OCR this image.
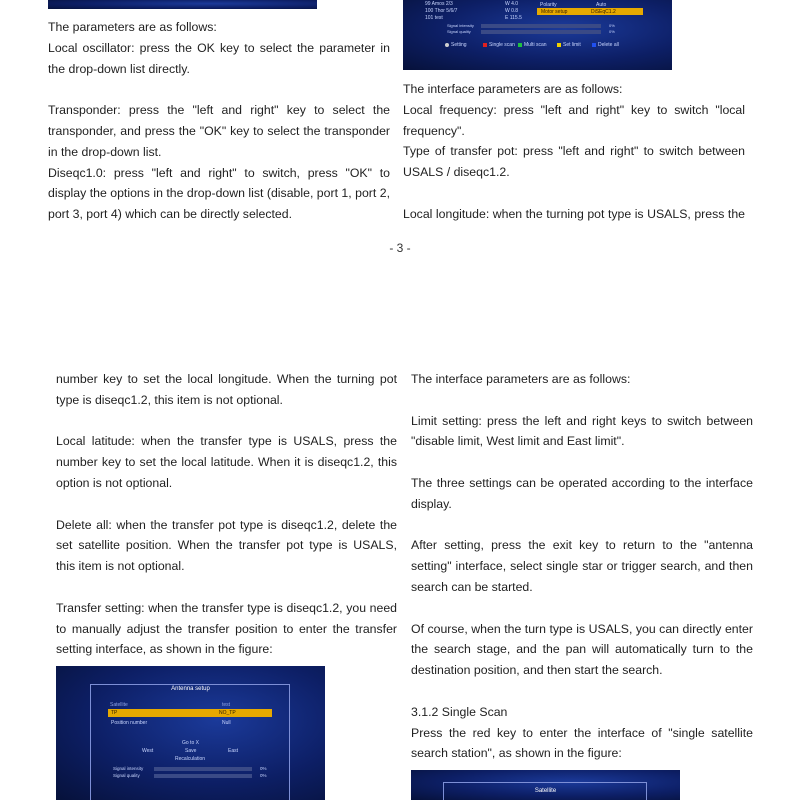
99 Amos 2/3	W 4.0
100 Thor 5/6/7	W 0.8
101 test	E 115.5
Polarity	Auto
Motor setup	DiSEqC1.2
Signal intensity	0%
Signal quality	0%
Setting	Single scan	Multi scan	Set limit	Delete all

The parameters are as follows:

Local oscillator: press the OK key to select the parameter in the drop-down list directly.

Transponder: press the "left and right" key to select the transponder, and press the "OK" key to select the transponder in the drop-down list.

Diseqc1.0: press "left and right" to switch, press "OK" to display the options in the drop-down list (disable, port 1, port 2, port 3, port 4) which can be directly selected.

The interface parameters are as follows:

Local frequency: press "left and right" key to switch "local frequency".

Type of transfer pot: press "left and right" to switch between USALS / diseqc1.2.

Local longitude: when the turning pot type is USALS, press the

- 3 -

number key to set the local longitude. When the turning pot type is diseqc1.2, this item is not optional.

Local latitude: when the transfer type is USALS, press the number key to set the local latitude. When it is diseqc1.2, this option is not optional.

Delete all: when the transfer pot type is diseqc1.2, delete the set satellite position. When the transfer pot type is USALS, this item is not optional.

Transfer setting: when the transfer type is diseqc1.2, you need to manually adjust the transfer position to enter the transfer setting interface, as shown in the figure:

The interface parameters are as follows:

Limit setting: press the left and right keys to switch between "disable limit, West limit and East limit".

The three settings can be operated according to the interface display.

After setting, press the exit key to return to the "antenna setting" interface, select single star or trigger search, and then search can be started.

Of course, when the turn type is USALS, you can directly enter the search stage, and the pan will automatically turn to the destination position, and then start the search.

3.1.2 Single Scan

Press the red key to enter the interface of "single satellite search station", as shown in the figure:

Antenna setup
Satellite	test
TP	NO_TP
Position number	Null
Go to X
West	Save	East
Recalculation
Signal intensity	0%
Signal quality	0%
Satellite
